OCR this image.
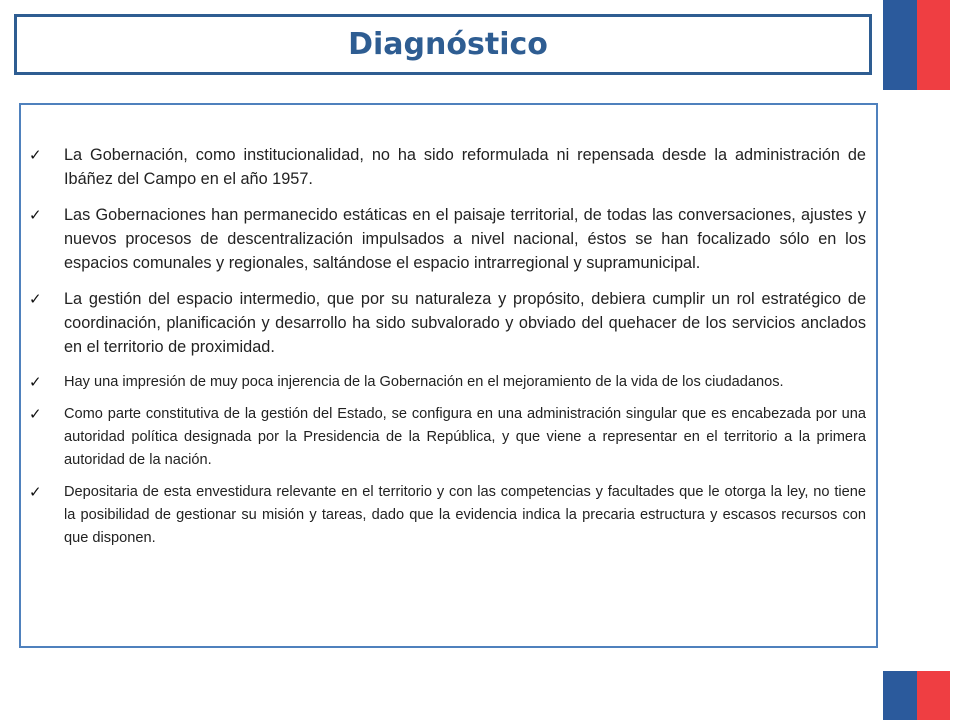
Diagnóstico
✓ La Gobernación, como institucionalidad, no ha sido reformulada ni repensada desde la administración de Ibáñez del Campo en el año 1957.
✓ Las Gobernaciones han permanecido estáticas en el paisaje territorial, de todas las conversaciones, ajustes y nuevos procesos de descentralización impulsados a nivel nacional, éstos se han focalizado sólo en los espacios comunales y regionales, saltándose el espacio intrarregional y supramunicipal.
✓ La gestión del espacio intermedio, que por su naturaleza y propósito, debiera cumplir un rol estratégico de coordinación, planificación y desarrollo ha sido subvalorado y obviado del quehacer de los servicios anclados en el territorio de proximidad.
✓ Hay una impresión de muy poca injerencia de la Gobernación en el mejoramiento de la vida de los ciudadanos.
✓ Como parte constitutiva de la gestión del Estado, se configura en una administración singular que es encabezada por una autoridad política designada por la Presidencia de la República, y que viene a representar en el territorio a la primera autoridad de la nación.
✓ Depositaria de esta envestidura relevante en el territorio y con las competencias y facultades que le otorga la ley, no tiene la posibilidad de gestionar su misión y tareas, dado que la evidencia indica la precaria estructura y escasos recursos con que disponen.
